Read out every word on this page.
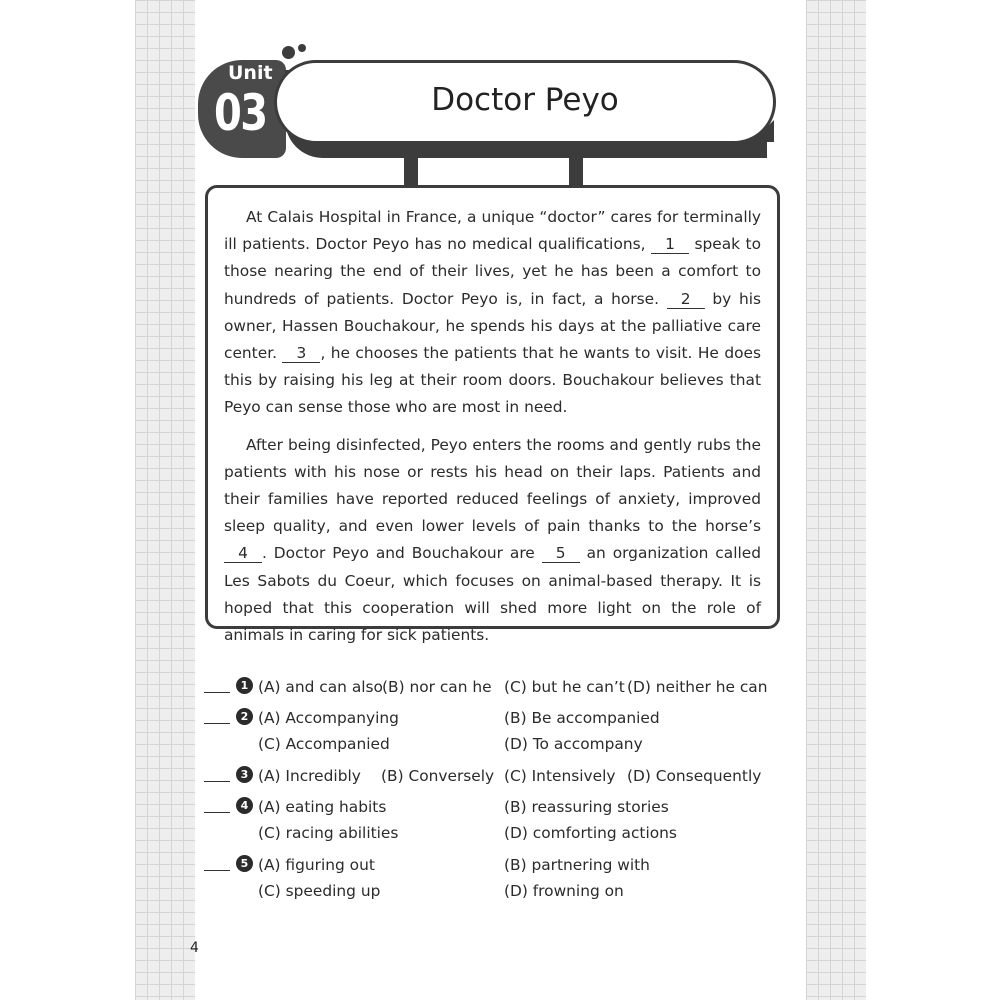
Unit
03	Doctor Peyo

At Calais Hospital in France, a unique “doctor” cares for terminally ill patients. Doctor Peyo has no medical qualifications, 1 speak to those nearing the end of their lives, yet he has been a comfort to hundreds of patients. Doctor Peyo is, in fact, a horse. 2 by his owner, Hassen Bouchakour, he spends his days at the palliative care center. 3 , he chooses the patients that he wants to visit. He does this by raising his leg at their room doors. Bouchakour believes that Peyo can sense those who are most in need.

After being disinfected, Peyo enters the rooms and gently rubs the patients with his nose or rests his head on their laps. Patients and their families have reported reduced feelings of anxiety, improved sleep quality, and even lower levels of pain thanks to the horse’s 4 . Doctor Peyo and Bouchakour are 5 an organization called Les Sabots du Coeur, which focuses on animal-based therapy. It is hoped that this cooperation will shed more light on the role of animals in caring for sick patients.

1 (A) and can also (B) nor can he (C) but he can’t (D) neither he can
2 (A) Accompanying	(B) Be accompanied
(C) Accompanied	(D) To accompany
3 (A) Incredibly (B) Conversely (C) Intensively (D) Consequently
4 (A) eating habits	(B) reassuring stories
(C) racing abilities	(D) comforting actions
5 (A) figuring out	(B) partnering with
(C) speeding up	(D) frowning on
4
